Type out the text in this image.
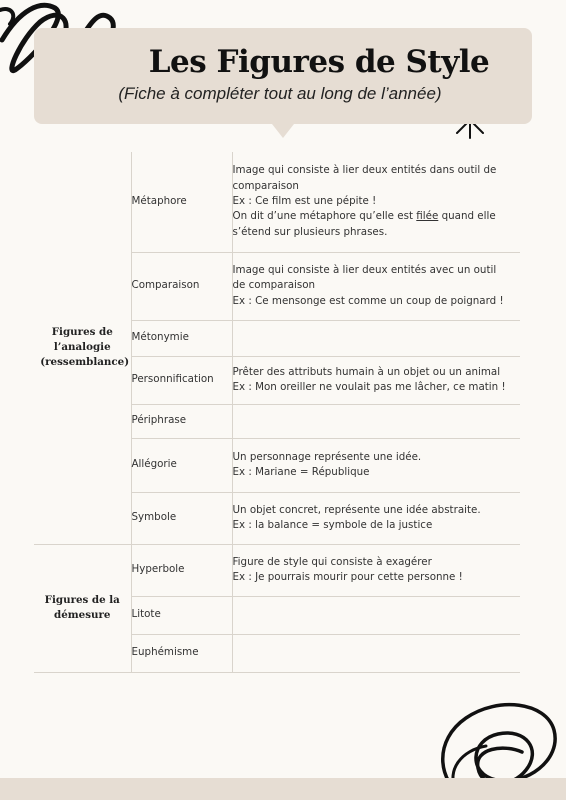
Les Figures de Style
(Fiche à compléter tout au long de l’année)
Figures de l’analogie (ressemblance)	Métaphore	Image qui consiste à lier deux entités dans outil de
comparaison
Ex : Ce film est une pépite !
On dit d’une métaphore qu’elle est filée quand elle
s’étend sur plusieurs phrases.

	Comparaison	Image qui consiste à lier deux entités avec un outil
de comparaison
Ex : Ce mensonge est comme un coup de poignard !

	Métonymie	
	Personnification	Prêter des attributs humain à un objet ou un animal
Ex : Mon oreiller ne voulait pas me lâcher, ce matin !

	Périphrase	
	Allégorie	Un personnage représente une idée.
Ex : Mariane = République

	Symbole	Un objet concret, représente une idée abstraite.
Ex : la balance = symbole de la justice

Figures de la démesure	Hyperbole	Figure de style qui consiste à exagérer
Ex : Je pourrais mourir pour cette personne !

	Litote	
	Euphémisme	
